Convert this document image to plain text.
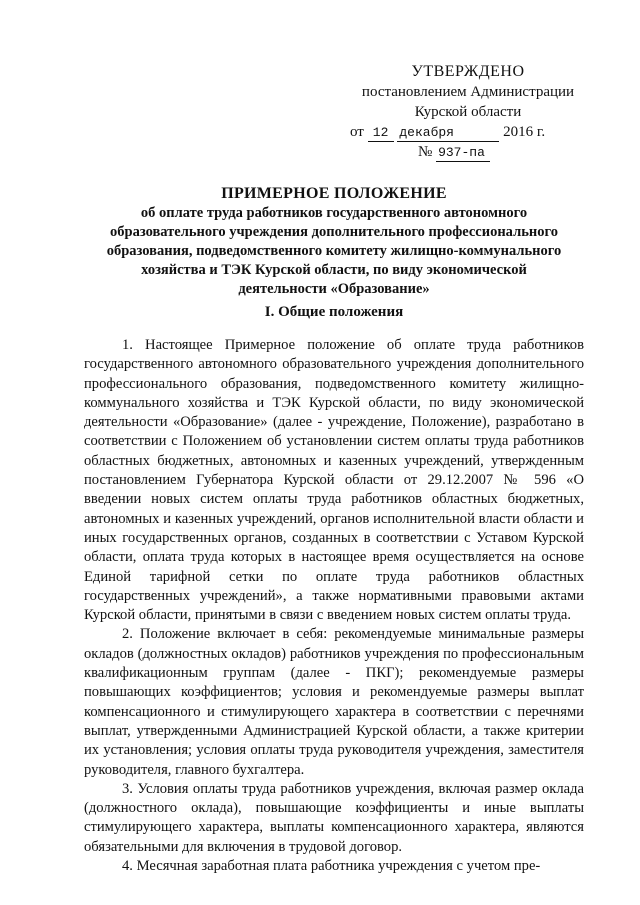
УТВЕРЖДЕНО
постановлением Администрации
Курской области
от 12 декабря	2016 г.
№ 937-па
ПРИМЕРНОЕ ПОЛОЖЕНИЕ
об оплате труда работников государственного автономного
образовательного учреждения дополнительного профессионального
образования, подведомственного комитету жилищно-коммунального
хозяйства и ТЭК Курской области, по виду экономической
деятельности «Образование»
I. Общие положения

1. Настоящее Примерное положение об оплате труда работников государственного автономного образовательного учреждения дополнительного профессионального образования, подведомственного комитету жилищно-коммунального хозяйства и ТЭК Курской области, по виду экономической деятельности «Образование» (далее - учреждение, Положение), разработано в соответствии с Положением об установлении систем оплаты труда работников областных бюджетных, автономных и казенных учреждений, утвержденным постановлением Губернатора Курской области от 29.12.2007 № 596 «О введении новых систем оплаты труда работников областных бюджетных, автономных и казенных учреждений, органов исполнительной власти области и иных государственных органов, созданных в соответствии с Уставом Курской области, оплата труда которых в настоящее время осуществляется на основе Единой тарифной сетки по оплате труда работников областных государственных учреждений», а также нормативными правовыми актами Курской области, принятыми в связи с введением новых систем оплаты труда.

2. Положение включает в себя: рекомендуемые минимальные размеры окладов (должностных окладов) работников учреждения по профессиональным квалификационным группам (далее - ПКГ); рекомендуемые размеры повышающих коэффициентов; условия и рекомендуемые размеры выплат компенсационного и стимулирующего характера в соответствии с перечнями выплат, утвержденными Администрацией Курской области, а также критерии их установления; условия оплаты труда руководителя учреждения, заместителя руководителя, главного бухгалтера.

3. Условия оплаты труда работников учреждения, включая размер оклада (должностного оклада), повышающие коэффициенты и иные выплаты стимулирующего характера, выплаты компенсационного характера, являются обязательными для включения в трудовой договор.

4. Месячная заработная плата работника учреждения с учетом пре-
